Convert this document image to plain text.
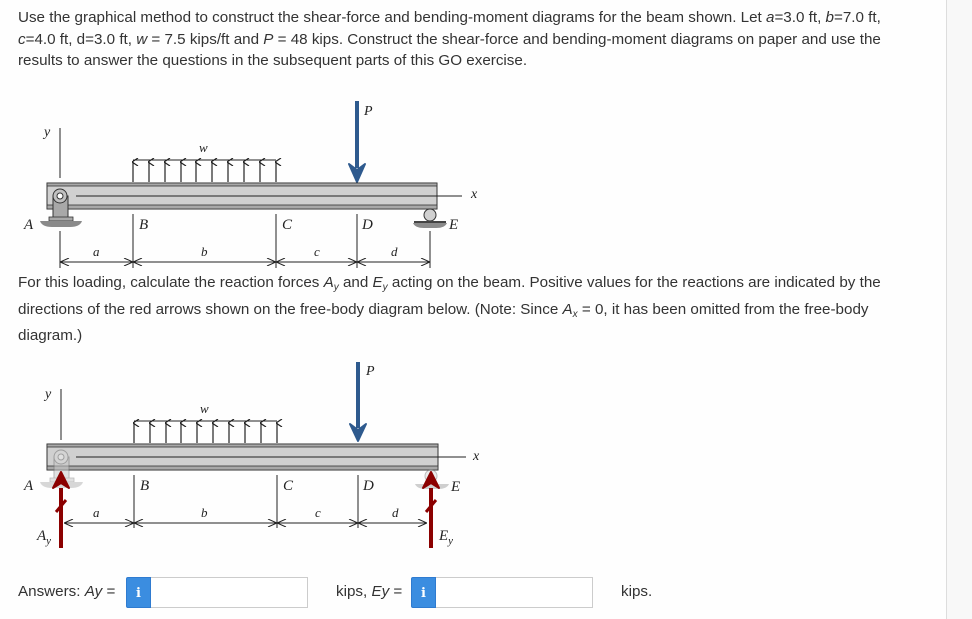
Use the graphical method to construct the shear-force and bending-moment diagrams for the beam shown. Let a=3.0 ft, b=7.0 ft,
c=4.0 ft, d=3.0 ft, w = 7.5 kips/ft and P = 48 kips. Construct the shear-force and bending-moment diagrams on paper and use the results to answer the questions in the subsequent parts of this GO exercise.

y
w
P
x
A	E
B	C	D
a	b	c	d

For this loading, calculate the reaction forces $A_y$ and $E_y$ acting on the beam. Positive values for the reactions are indicated by the directions of the red arrows shown on the free-body diagram below. (Note: Since $A_x = 0$, it has been omitted from the free-body diagram.)

y
w
P
x
A	E
B	C	D
a	b	c	d
$A_y$	$E_y$
Answers: Ay =	i	kips, Ey =	i	kips.
